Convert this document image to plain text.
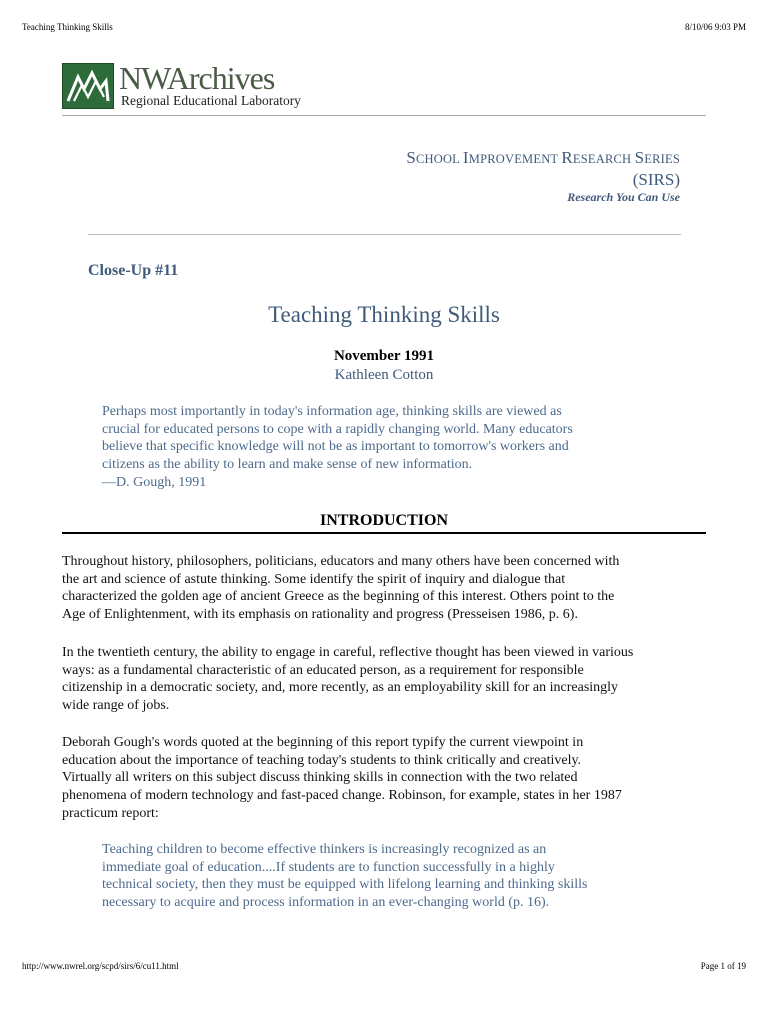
Teaching Thinking Skills	8/10/06 9:03 PM
NWArchives
Regional Educational Laboratory
SCHOOL IMPROVEMENT RESEARCH SERIES
(SIRS)
Research You Can Use
Close-Up #11
Teaching Thinking Skills
November 1991
Kathleen Cotton
Perhaps most importantly in today's information age, thinking skills are viewed as
crucial for educated persons to cope with a rapidly changing world. Many educators
believe that specific knowledge will not be as important to tomorrow's workers and
citizens as the ability to learn and make sense of new information.
—D. Gough, 1991
INTRODUCTION
Throughout history, philosophers, politicians, educators and many others have been concerned with
the art and science of astute thinking. Some identify the spirit of inquiry and dialogue that
characterized the golden age of ancient Greece as the beginning of this interest. Others point to the
Age of Enlightenment, with its emphasis on rationality and progress (Presseisen 1986, p. 6).
In the twentieth century, the ability to engage in careful, reflective thought has been viewed in various
ways: as a fundamental characteristic of an educated person, as a requirement for responsible
citizenship in a democratic society, and, more recently, as an employability skill for an increasingly
wide range of jobs.
Deborah Gough's words quoted at the beginning of this report typify the current viewpoint in
education about the importance of teaching today's students to think critically and creatively.
Virtually all writers on this subject discuss thinking skills in connection with the two related
phenomena of modern technology and fast-paced change. Robinson, for example, states in her 1987
practicum report:
Teaching children to become effective thinkers is increasingly recognized as an
immediate goal of education....If students are to function successfully in a highly
technical society, then they must be equipped with lifelong learning and thinking skills
necessary to acquire and process information in an ever-changing world (p. 16).
http://www.nwrel.org/scpd/sirs/6/cu11.html	Page 1 of 19
